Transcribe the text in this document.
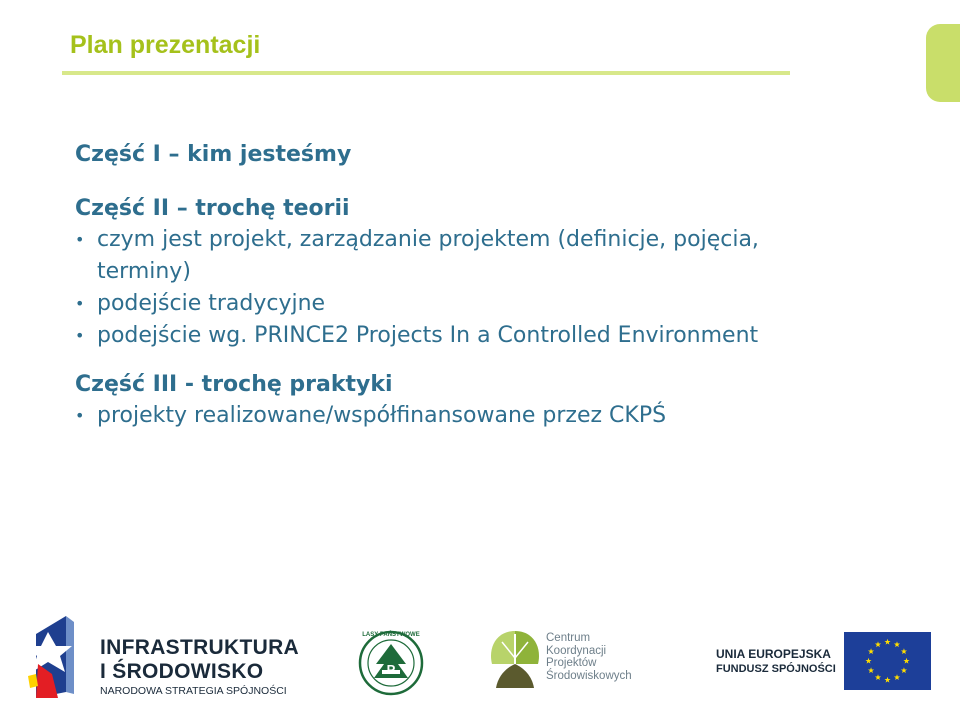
Plan prezentacji
Część I – kim jesteśmy
Część II – trochę teorii
• czym jest projekt, zarządzanie projektem (definicje, pojęcia, terminy)
• podejście tradycyjne
• podejście wg. PRINCE2 Projects In a Controlled Environment
Część III - trochę praktyki
• projekty realizowane/współfinansowane przez CKPŚ
INFRASTRUKTURA
I ŚRODOWISKO
NARODOWA STRATEGIA SPÓJNOŚCI
P
LASY PAŃSTWOWE	Centrum
Koordynacji
Projektów
Środowiskowych
UNIA EUROPEJSKA
FUNDUSZ SPÓJNOŚCI
